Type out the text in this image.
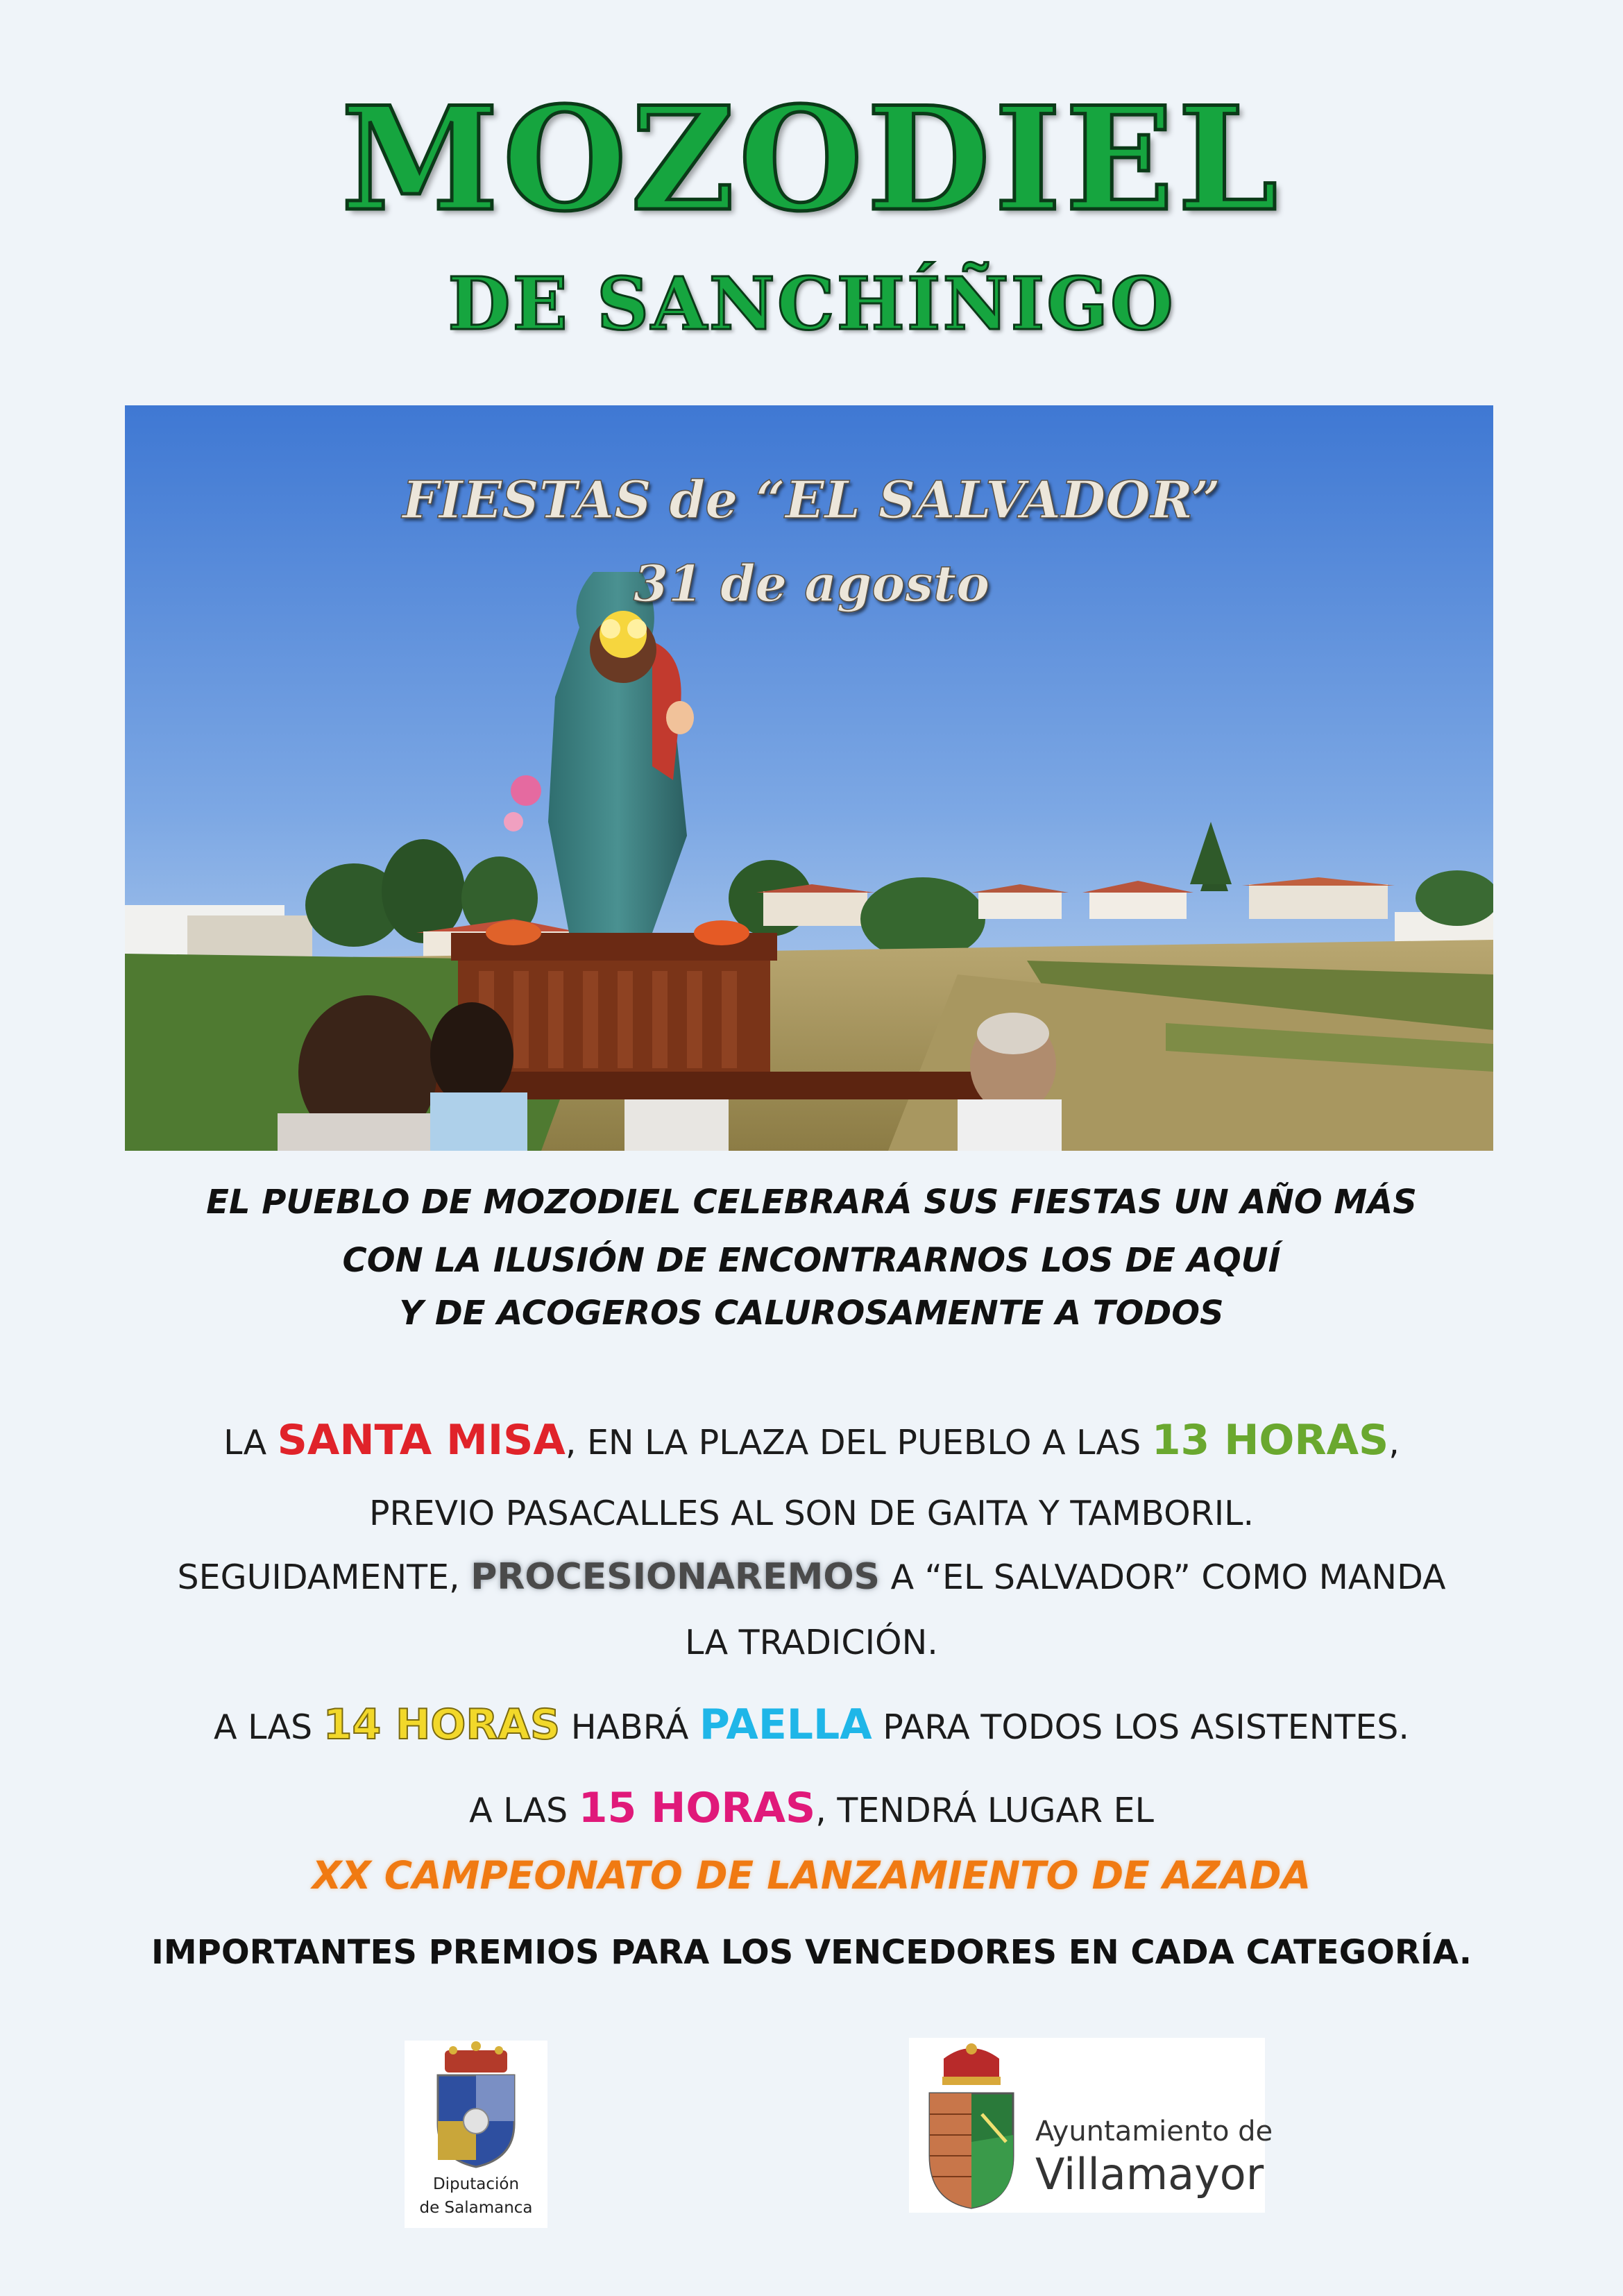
MOZODIEL
DE SANCHÍÑIGO
FIESTAS de “EL SALVADOR”
31 de agosto
EL PUEBLO DE MOZODIEL CELEBRARÁ SUS FIESTAS UN AÑO MÁS
CON LA ILUSIÓN DE ENCONTRARNOS LOS DE AQUÍ
Y DE ACOGEROS CALUROSAMENTE A TODOS
LA SANTA MISA, EN LA PLAZA DEL PUEBLO A LAS 13 HORAS,
PREVIO PASACALLES AL SON DE GAITA Y TAMBORIL.
SEGUIDAMENTE, PROCESIONAREMOS A “EL SALVADOR” COMO MANDA
LA TRADICIÓN.
A LAS 14 HORAS HABRÁ PAELLA PARA TODOS LOS ASISTENTES.
A LAS 15 HORAS, TENDRÁ LUGAR EL
XX CAMPEONATO DE LANZAMIENTO DE AZADA
IMPORTANTES PREMIOS PARA LOS VENCEDORES EN CADA CATEGORÍA.
Diputación
de Salamanca
Ayuntamiento de
Villamayor
